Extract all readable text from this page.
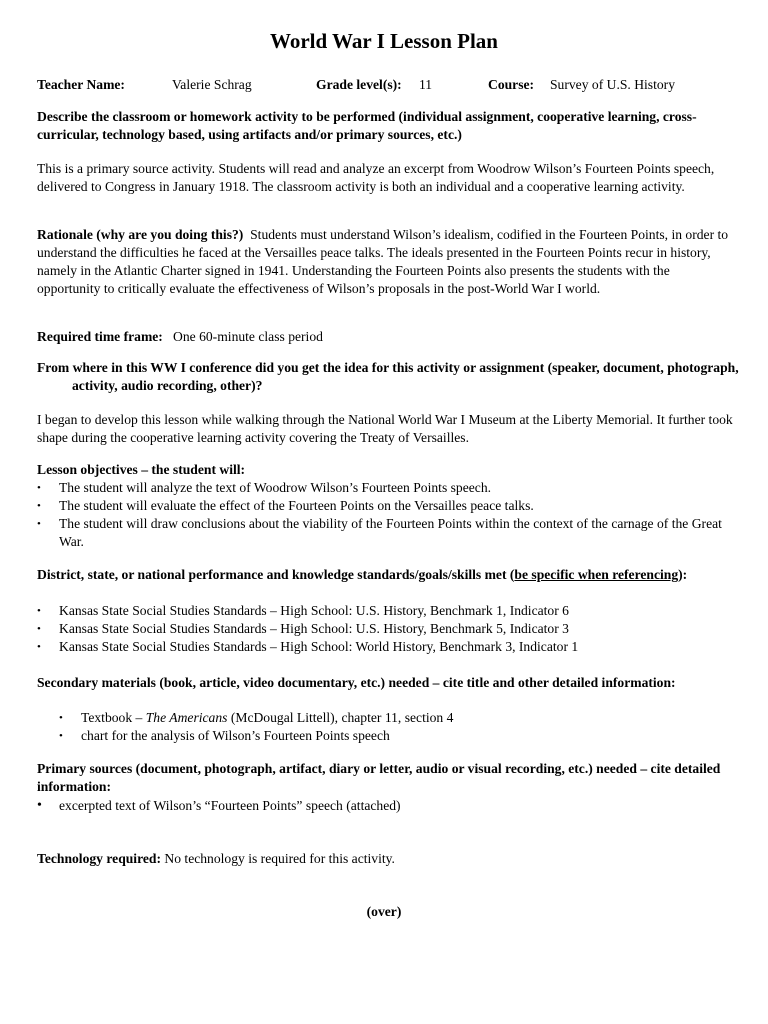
World War I Lesson Plan
Teacher Name:	Valerie Schrag	Grade level(s): 11	Course: Survey of U.S. History
Describe the classroom or homework activity to be performed (individual assignment, cooperative learning, cross-curricular, technology based, using artifacts and/or primary sources, etc.)
This is a primary source activity. Students will read and analyze an excerpt from Woodrow Wilson’s Fourteen Points speech, delivered to Congress in January 1918. The classroom activity is both an individual and a cooperative learning activity.
Rationale (why are you doing this?) Students must understand Wilson’s idealism, codified in the Fourteen Points, in order to understand the difficulties he faced at the Versailles peace talks. The ideals presented in the Fourteen Points recur in history, namely in the Atlantic Charter signed in 1941. Understanding the Fourteen Points also presents the students with the opportunity to critically evaluate the effectiveness of Wilson’s proposals in the post-World War I world.
Required time frame: One 60-minute class period
From where in this WW I conference did you get the idea for this activity or assignment (speaker, document, photograph, activity, audio recording, other)?
I began to develop this lesson while walking through the National World War I Museum at the Liberty Memorial. It further took shape during the cooperative learning activity covering the Treaty of Versailles.
Lesson objectives – the student will:
•	The student will analyze the text of Woodrow Wilson’s Fourteen Points speech.
•	The student will evaluate the effect of the Fourteen Points on the Versailles peace talks.
•	The student will draw conclusions about the viability of the Fourteen Points within the context of the carnage of the Great War.
District, state, or national performance and knowledge standards/goals/skills met (be specific when referencing):
•	Kansas State Social Studies Standards – High School: U.S. History, Benchmark 1, Indicator 6
•	Kansas State Social Studies Standards – High School: U.S. History, Benchmark 5, Indicator 3
•	Kansas State Social Studies Standards – High School: World History, Benchmark 3, Indicator 1
Secondary materials (book, article, video documentary, etc.) needed – cite title and other detailed information:
•	Textbook – The Americans (McDougal Littell), chapter 11, section 4
•	chart for the analysis of Wilson’s Fourteen Points speech
Primary sources (document, photograph, artifact, diary or letter, audio or visual recording, etc.) needed – cite detailed information:
•	excerpted text of Wilson’s “Fourteen Points” speech (attached)
Technology required: No technology is required for this activity.
(over)
